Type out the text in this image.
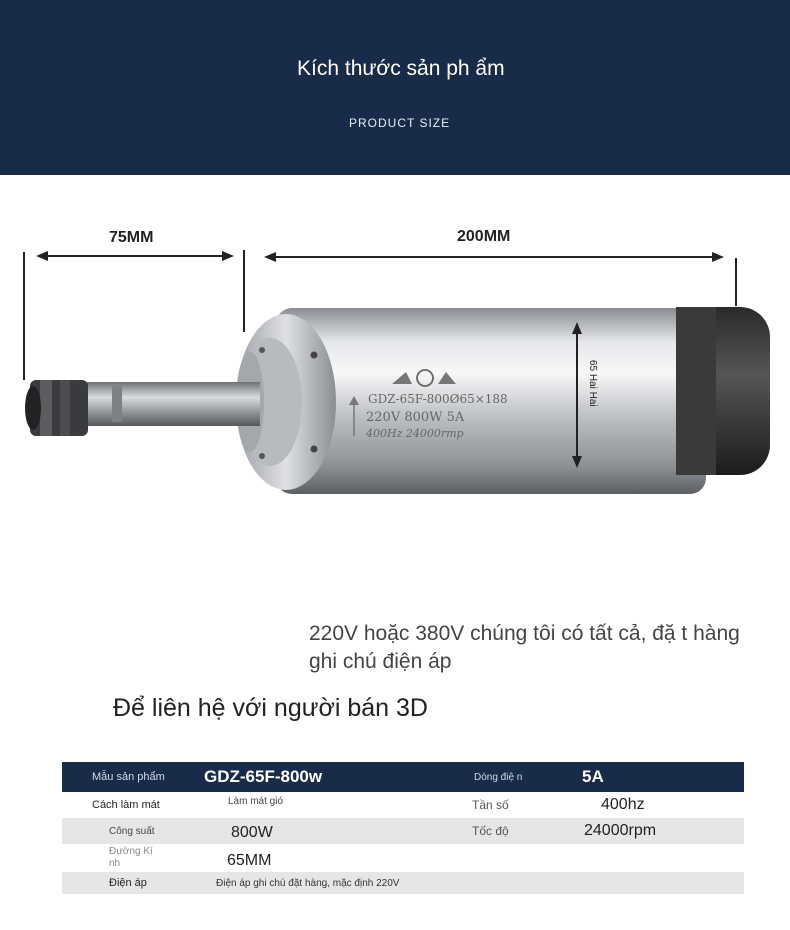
Kích thước sản ph ẩm
PRODUCT SIZE
75MM	200MM
GDZ-65F-800Ø65×188
220V 800W 5A
400Hz 24000rmp
65 Hai Hai
220V hoặc 380V chúng tôi có tất cả, đặ t hàng ghi chú điện áp
Để liên hệ với người bán 3D
Mẫu sản phẩm	GDZ-65F-800w	Dòng điệ n	5A
Cách làm mát	Làm mát gió	Tần số	400hz
Công suất	800W	Tốc độ	24000rpm
Đường Kí nh	65MM
Điện áp	Điện áp ghi chú đặt hàng, mặc định 220V
